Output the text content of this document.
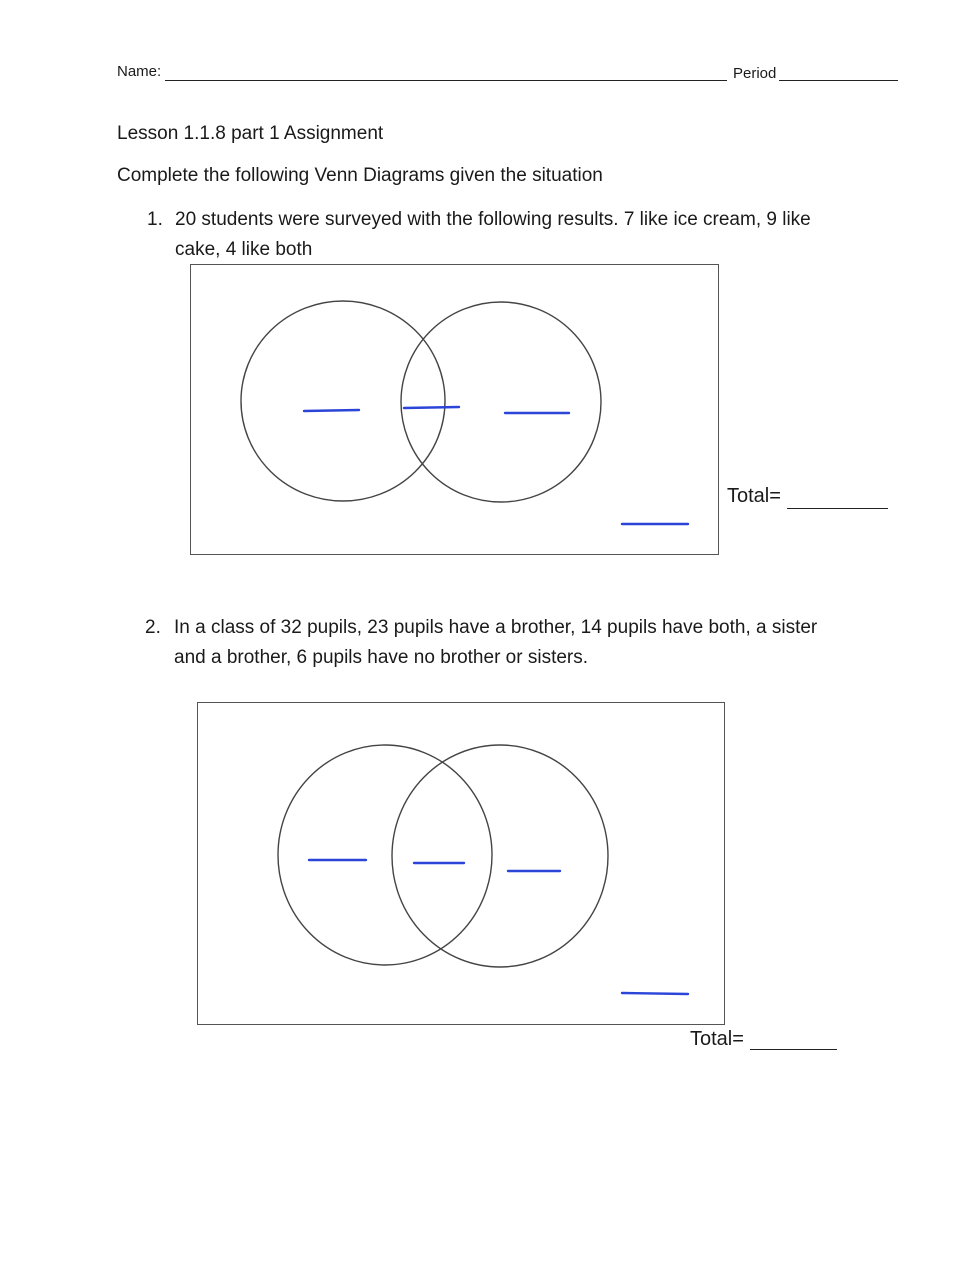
Name:	Period
Lesson 1.1.8 part 1 Assignment
Complete the following Venn Diagrams given the situation
1. 20 students were surveyed with the following results. 7 like ice cream, 9 like
cake, 4 like both
Total=
2. In a class of 32 pupils, 23 pupils have a brother, 14 pupils have both, a sister
and a brother, 6 pupils have no brother or sisters.
Total=
